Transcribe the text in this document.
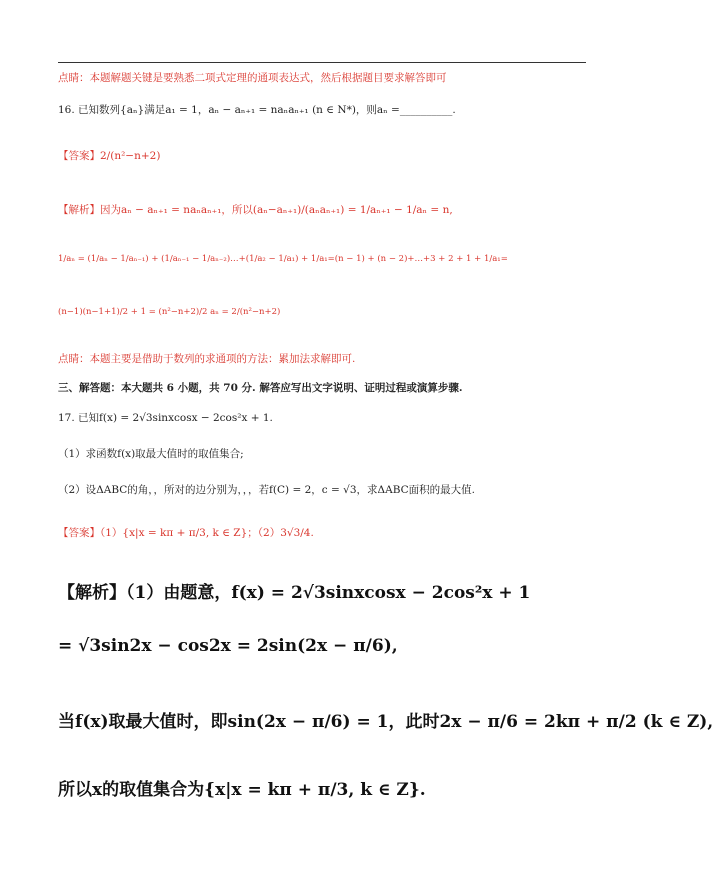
点睛：本题解题关键是要熟悉二项式定理的通项表达式，然后根据题目要求解答即可
16. 已知数列{aₙ}满足a₁ = 1，aₙ − aₙ₊₁ = naₙaₙ₊₁ (n ∈ N*)，则aₙ =__________.
【答案】2/(n²−n+2)
【解析】因为aₙ − aₙ₊₁ = naₙaₙ₊₁，所以(aₙ−aₙ₊₁)/(aₙaₙ₊₁) = 1/aₙ₊₁ − 1/aₙ = n,
1/aₙ = (1/aₙ − 1/aₙ₋₁) + (1/aₙ₋₁ − 1/aₙ₋₂)…+(1/a₂ − 1/a₁) + 1/a₁=(n − 1) + (n − 2)+…+3 + 2 + 1 + 1/a₁=
(n−1)(n−1+1)/2 + 1 = (n²−n+2)/2 aₙ = 2/(n²−n+2)
点睛：本题主要是借助于数列的求通项的方法：累加法求解即可.
三、解答题：本大题共 6 小题，共 70 分. 解答应写出文字说明、证明过程或演算步骤.
17. 已知f(x) = 2√3sinxcosx − 2cos²x + 1.
（1）求函数f(x)取最大值时的取值集合;
（2）设ΔABC的角，，所对的边分别为，，，若f(C) = 2，c = √3，求ΔABC面积的最大值.
【答案】（1）{x|x = kπ + π/3, k ∈ Z}；（2）3√3/4.
【解析】（1）由题意，f(x) = 2√3sinxcosx − 2cos²x + 1
= √3sin2x − cos2x = 2sin(2x − π/6),
当f(x)取最大值时，即sin(2x − π/6) = 1，此时2x − π/6 = 2kπ + π/2 (k ∈ Z),
所以x的取值集合为{x|x = kπ + π/3, k ∈ Z}.
